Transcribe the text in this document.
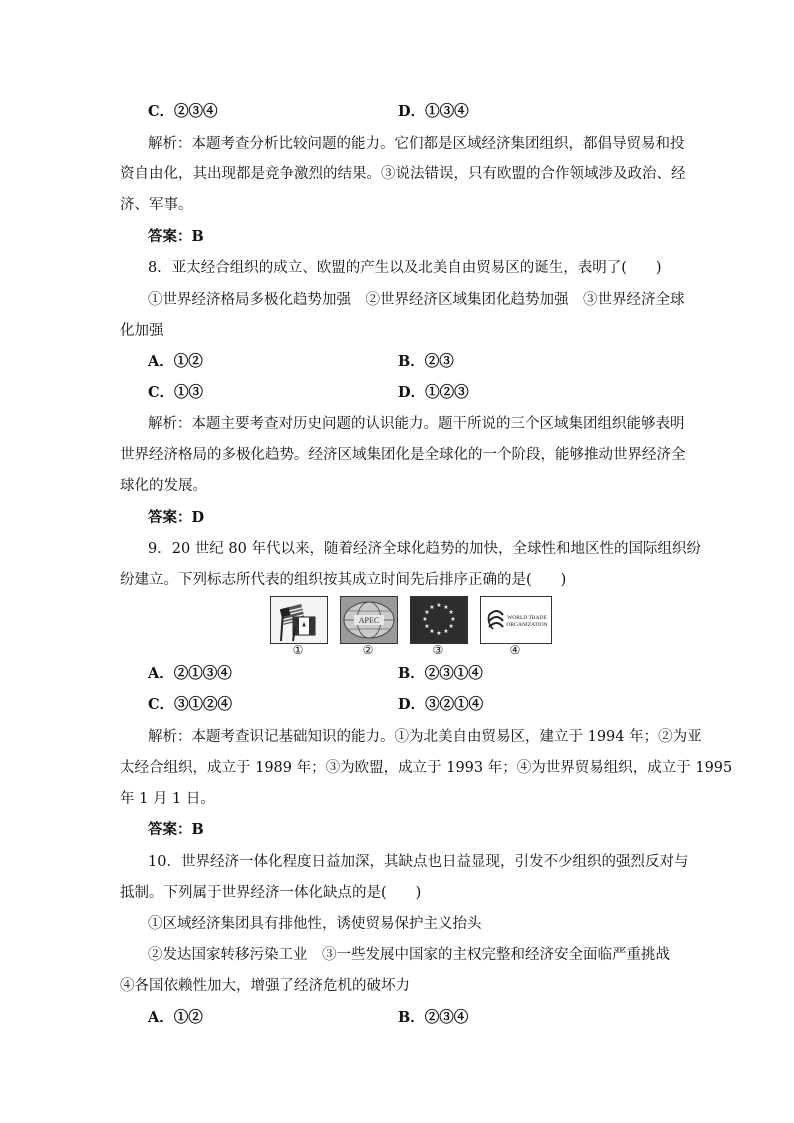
C．②③④	D．①③④
解析：本题考查分析比较问题的能力。它们都是区域经济集团组织，都倡导贸易和投
资自由化，其出现都是竞争激烈的结果。③说法错误，只有欧盟的合作领域涉及政治、经
济、军事。
答案：B
8．亚太经合组织的成立、欧盟的产生以及北美自由贸易区的诞生，表明了(　　)
①世界经济格局多极化趋势加强　②世界经济区域集团化趋势加强　③世界经济全球
化加强
A．①②	B．②③
C．①③	D．①②③
解析：本题主要考查对历史问题的认识能力。题干所说的三个区域集团组织能够表明
世界经济格局的多极化趋势。经济区域集团化是全球化的一个阶段，能够推动世界经济全
球化的发展。
答案：D
9．20 世纪 80 年代以来，随着经济全球化趋势的加快，全球性和地区性的国际组织纷
纷建立。下列标志所代表的组织按其成立时间先后排序正确的是(　　)
①
APEC
②
★ ★
★
★
★
★
★
★
★
★
★
★
③
WORLD TRADE
ORGANIZATION
④
A．②①③④	B．②③①④
C．③①②④	D．③②①④
解析：本题考查识记基础知识的能力。①为北美自由贸易区，建立于 1994 年；②为亚
太经合组织，成立于 1989 年；③为欧盟，成立于 1993 年；④为世界贸易组织，成立于 1995
年 1 月 1 日。
答案：B
10．世界经济一体化程度日益加深，其缺点也日益显现，引发不少组织的强烈反对与
抵制。下列属于世界经济一体化缺点的是(　　)
①区域经济集团具有排他性，诱使贸易保护主义抬头
②发达国家转移污染工业　③一些发展中国家的主权完整和经济安全面临严重挑战
④各国依赖性加大，增强了经济危机的破坏力
A．①②	B．②③④
